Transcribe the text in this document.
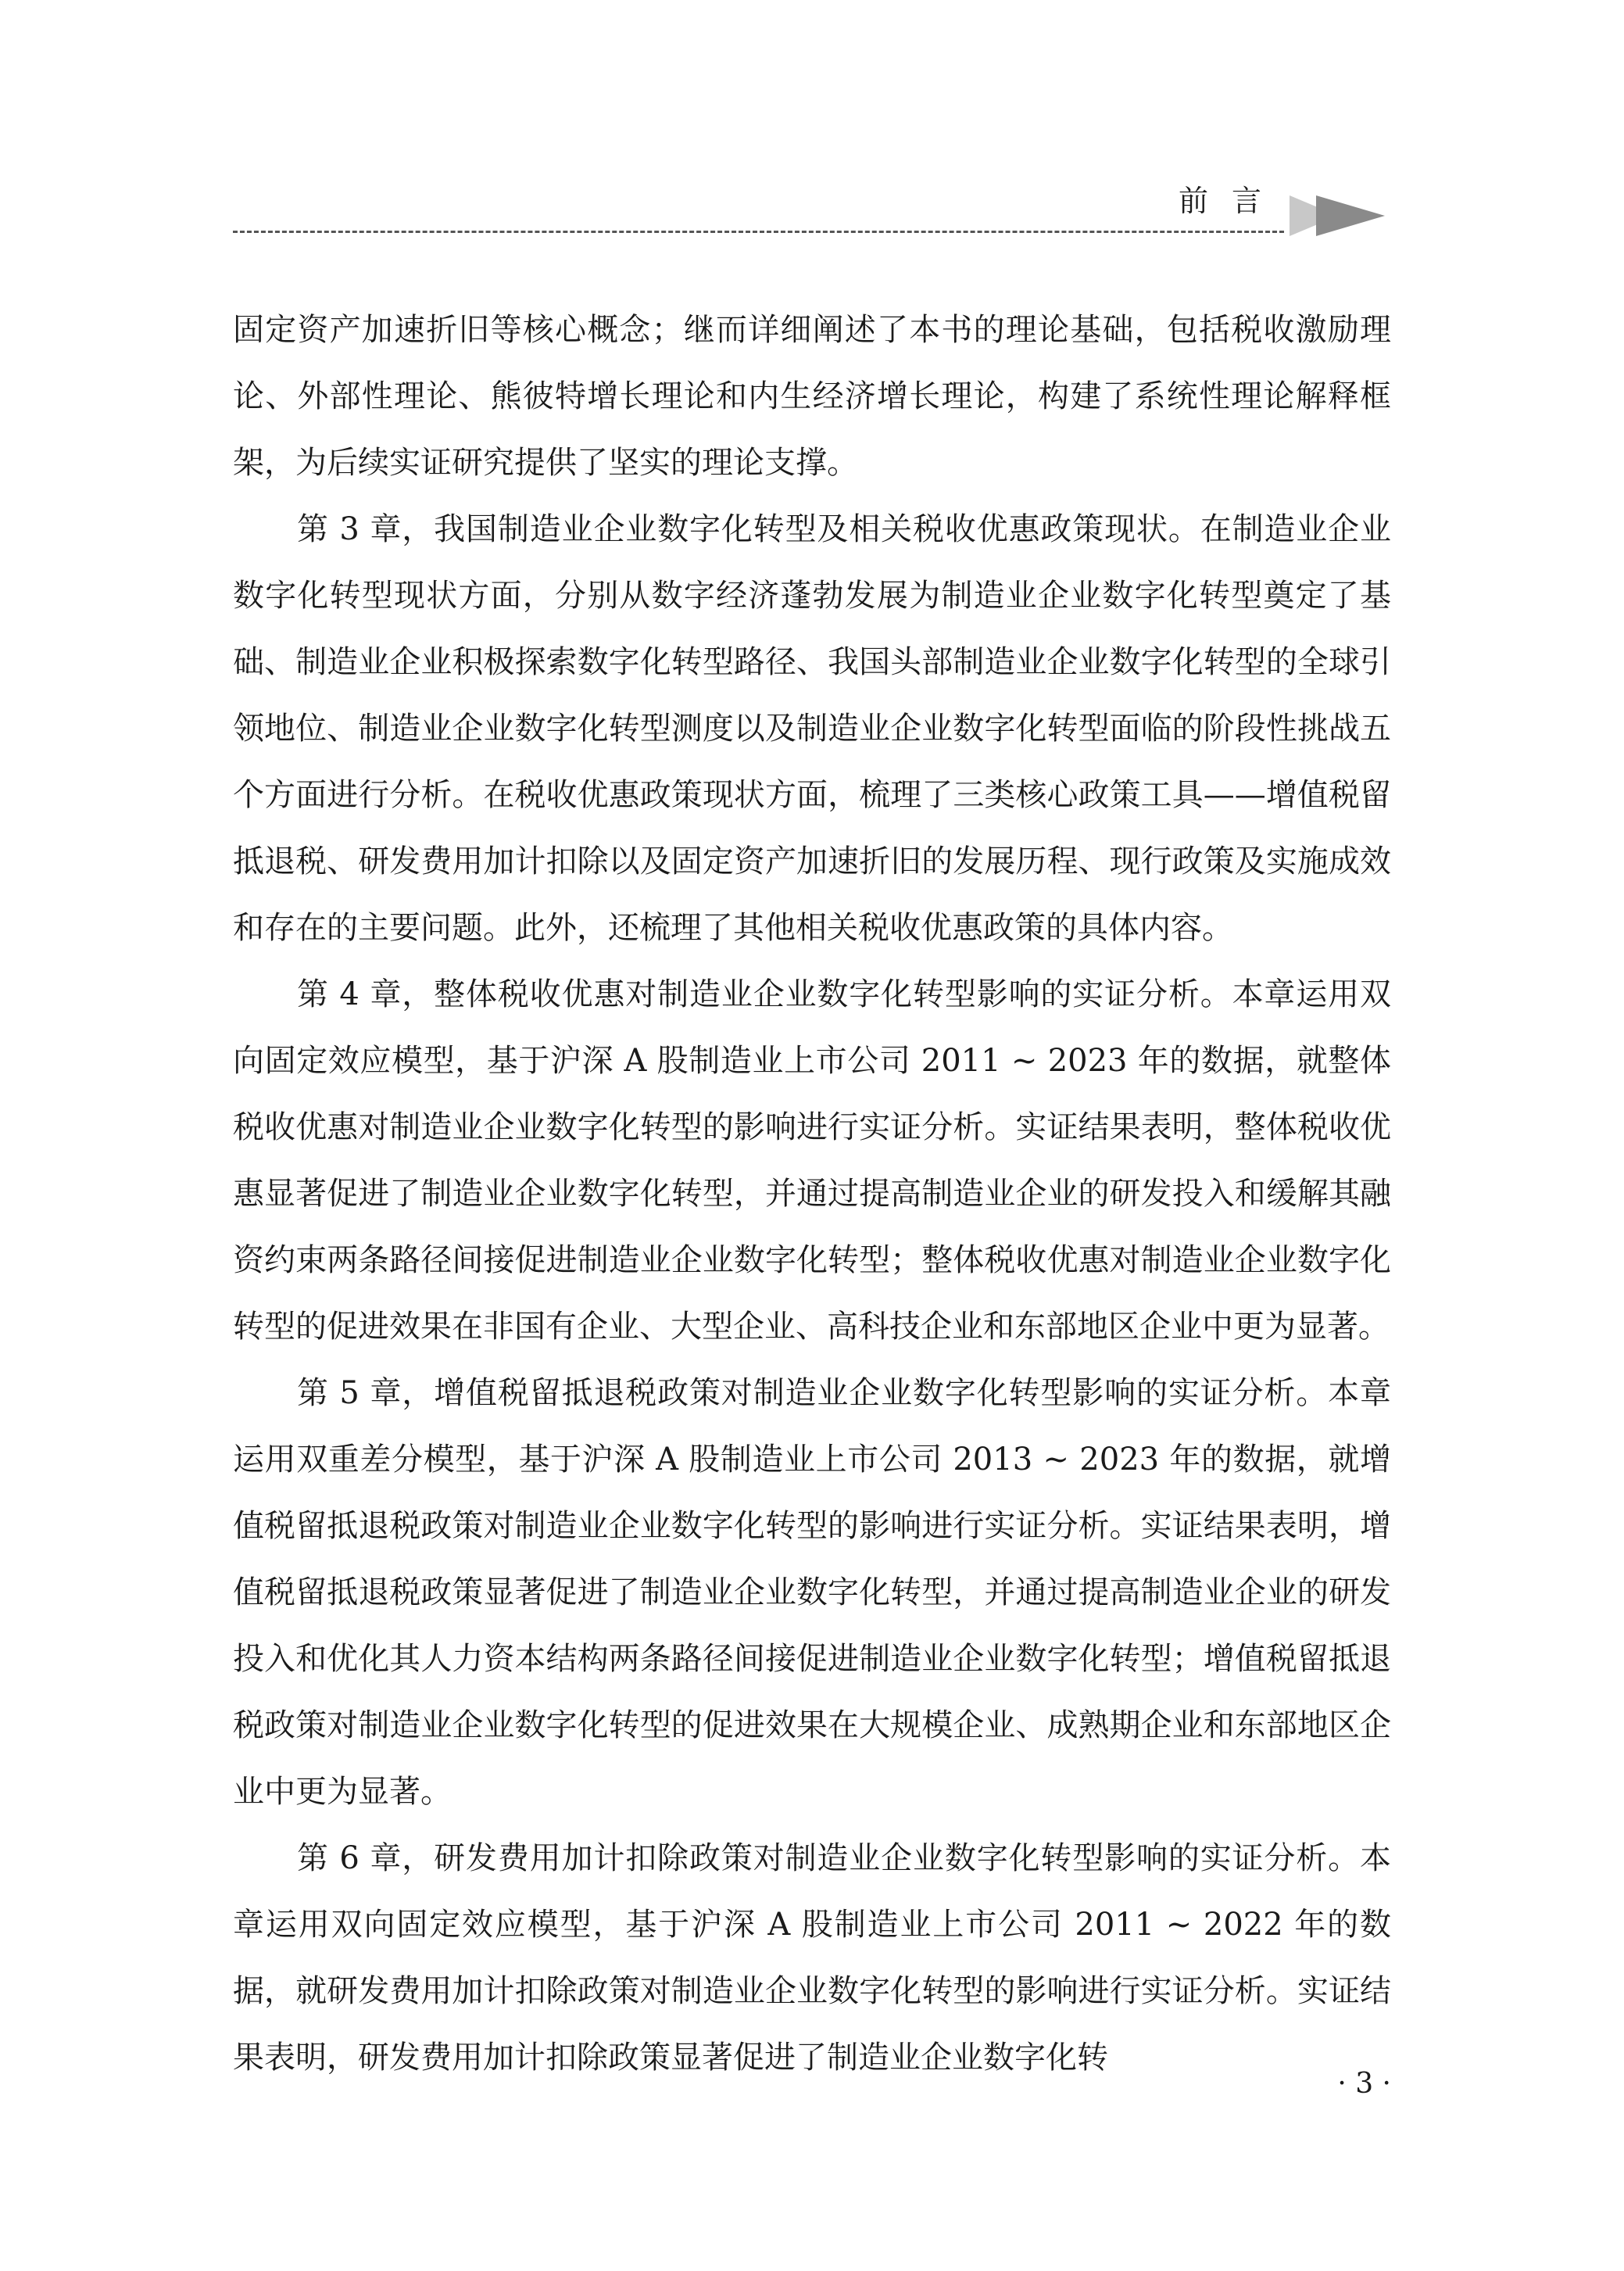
前言

固定资产加速折旧等核心概念；继而详细阐述了本书的理论基础，包括税收激励理论、外部性理论、熊彼特增长理论和内生经济增长理论，构建了系统性理论解释框架，为后续实证研究提供了坚实的理论支撑。

第 3 章，我国制造业企业数字化转型及相关税收优惠政策现状。在制造业企业数字化转型现状方面，分别从数字经济蓬勃发展为制造业企业数字化转型奠定了基础、制造业企业积极探索数字化转型路径、我国头部制造业企业数字化转型的全球引领地位、制造业企业数字化转型测度以及制造业企业数字化转型面临的阶段性挑战五个方面进行分析。在税收优惠政策现状方面，梳理了三类核心政策工具——增值税留抵退税、研发费用加计扣除以及固定资产加速折旧的发展历程、现行政策及实施成效和存在的主要问题。此外，还梳理了其他相关税收优惠政策的具体内容。

第 4 章，整体税收优惠对制造业企业数字化转型影响的实证分析。本章运用双向固定效应模型，基于沪深 A 股制造业上市公司 2011 ~ 2023 年的数据，就整体税收优惠对制造业企业数字化转型的影响进行实证分析。实证结果表明，整体税收优惠显著促进了制造业企业数字化转型，并通过提高制造业企业的研发投入和缓解其融资约束两条路径间接促进制造业企业数字化转型；整体税收优惠对制造业企业数字化转型的促进效果在非国有企业、大型企业、高科技企业和东部地区企业中更为显著。

第 5 章，增值税留抵退税政策对制造业企业数字化转型影响的实证分析。本章运用双重差分模型，基于沪深 A 股制造业上市公司 2013 ~ 2023 年的数据，就增值税留抵退税政策对制造业企业数字化转型的影响进行实证分析。实证结果表明，增值税留抵退税政策显著促进了制造业企业数字化转型，并通过提高制造业企业的研发投入和优化其人力资本结构两条路径间接促进制造业企业数字化转型；增值税留抵退税政策对制造业企业数字化转型的促进效果在大规模企业、成熟期企业和东部地区企业中更为显著。

第 6 章，研发费用加计扣除政策对制造业企业数字化转型影响的实证分析。本章运用双向固定效应模型，基于沪深 A 股制造业上市公司 2011 ~ 2022 年的数据，就研发费用加计扣除政策对制造业企业数字化转型的影响进行实证分析。实证结果表明，研发费用加计扣除政策显著促进了制造业企业数字化转

· 3 ·
